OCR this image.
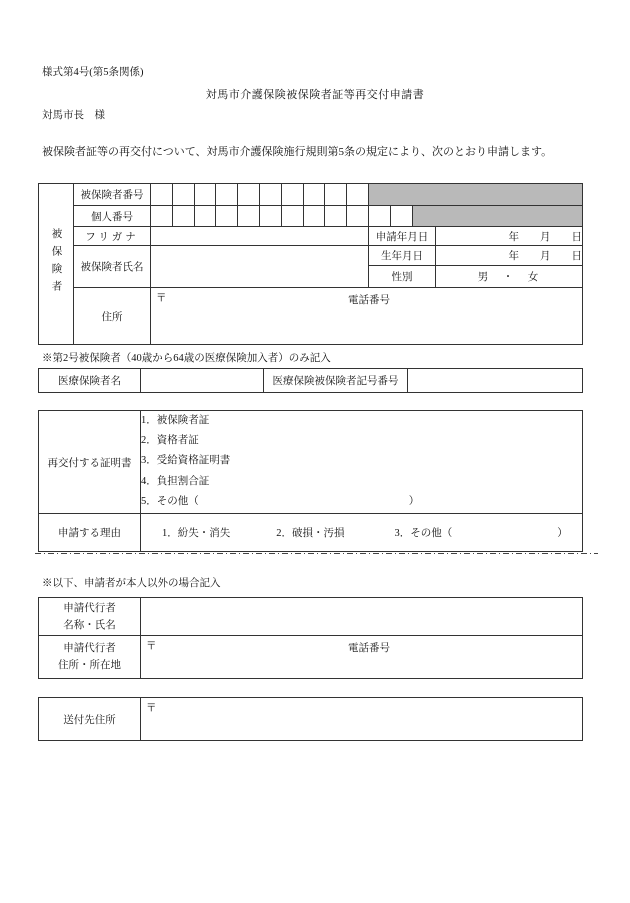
様式第4号(第5条関係)
対馬市介護保険被保険者証等再交付申請書
対馬市長　様
被保険者証等の再交付について、対馬市介護保険施行規則第5条の規定により、次のとおり申請します。
被保険者	被保険者番号														
	個人番号														
	フリガナ											申請年月日			年　　月　　日
	被保険者氏名											生年月日			年　　月　　日
												性別			男　・　女
	住所	〒 電話番号													
※第2号被保険者（40歳から64歳の医療保険加入者）のみ記入
医療保険者名		医療保険被保険者記号番号	
再交付する証明書	1．被保険者証
2．資格者証
3．受給資格証明書
4．負担割合証
5．その他（　　　　　　　　　　　　　　　　　　　　）

申請する理由	1．紛失・消失 2．破損・汚損 3．その他（　　　　　　　　　　）

※以下、申請者が本人以外の場合記入
申請代行者
名称・氏名	

申請代行者
住所・所在地

〒	電話番号
送付先住所	
〒
